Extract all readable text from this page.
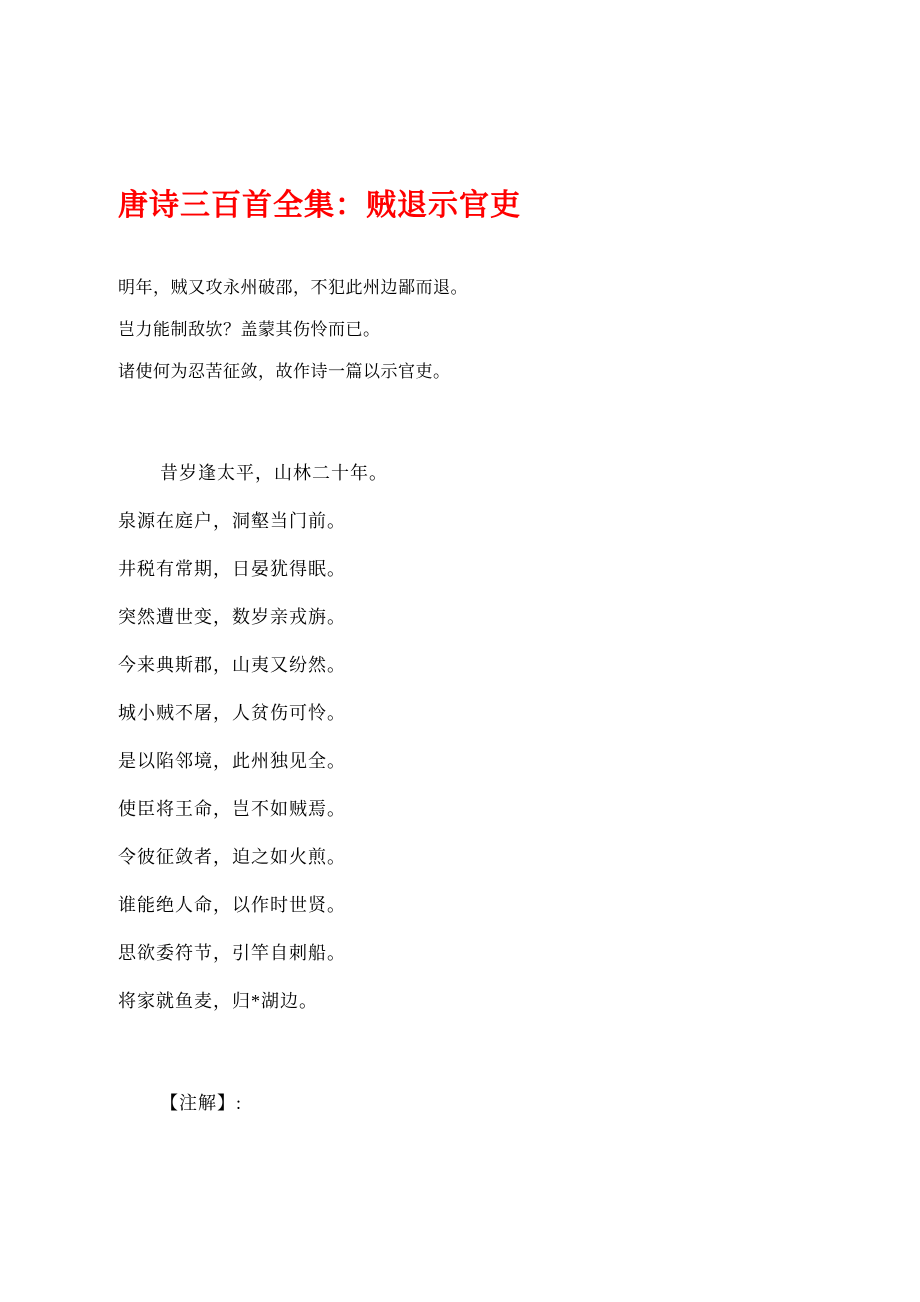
唐诗三百首全集：贼退示官吏
明年，贼又攻永州破邵，不犯此州边鄙而退。
岂力能制敌欤？盖蒙其伤怜而已。
诸使何为忍苦征敛，故作诗一篇以示官吏。
昔岁逢太平，山林二十年。
泉源在庭户，洞壑当门前。
井税有常期，日晏犹得眠。
突然遭世变，数岁亲戎旃。
今来典斯郡，山夷又纷然。
城小贼不屠，人贫伤可怜。
是以陷邻境，此州独见全。
使臣将王命，岂不如贼焉。
令彼征敛者，迫之如火煎。
谁能绝人命，以作时世贤。
思欲委符节，引竿自刺船。
将家就鱼麦，归*湖边。
【注解】:
